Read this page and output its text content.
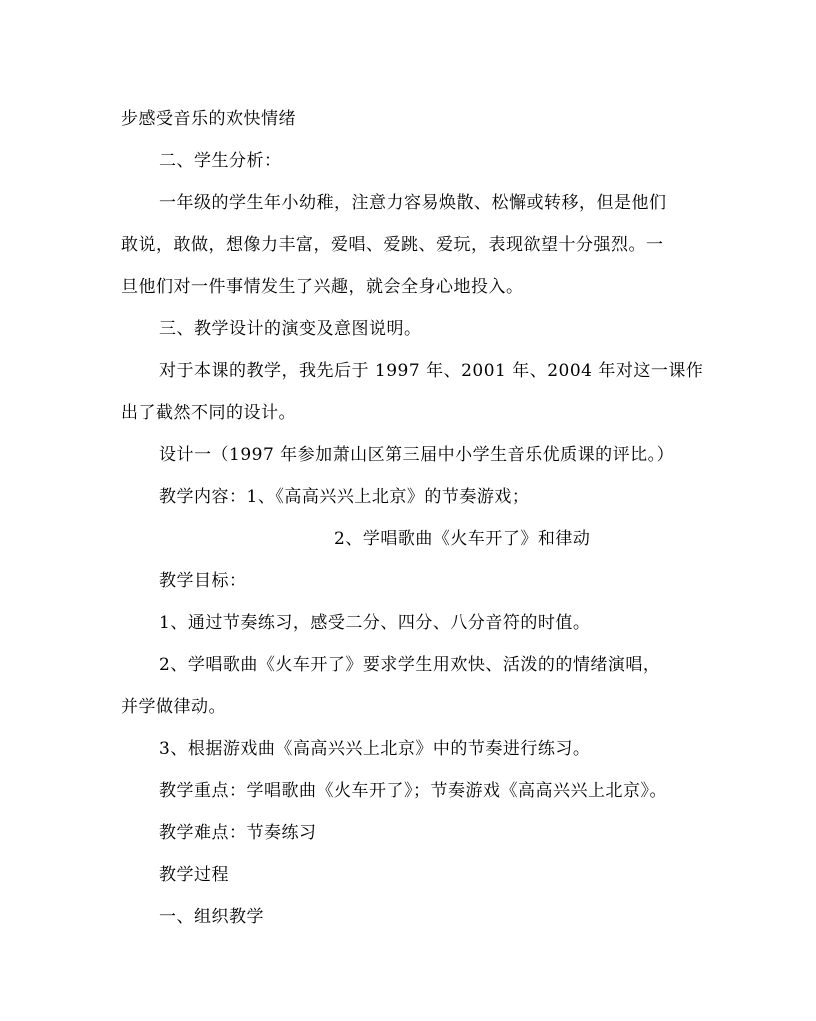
步感受音乐的欢快情绪
二、学生分析：
一年级的学生年小幼稚，注意力容易焕散、松懈或转移，但是他们
敢说，敢做，想像力丰富，爱唱、爱跳、爱玩，表现欲望十分强烈。一
旦他们对一件事情发生了兴趣，就会全身心地投入。
三、教学设计的演变及意图说明。
对于本课的教学，我先后于 1997 年、2001 年、2004 年对这一课作
出了截然不同的设计。
设计一（1997 年参加萧山区第三届中小学生音乐优质课的评比。）
教学内容：1、《高高兴兴上北京》的节奏游戏；
2、学唱歌曲《火车开了》和律动
教学目标：
1、通过节奏练习，感受二分、四分、八分音符的时值。
2、学唱歌曲《火车开了》要求学生用欢快、活泼的的情绪演唱，
并学做律动。
3、根据游戏曲《高高兴兴上北京》中的节奏进行练习。
教学重点：学唱歌曲《火车开了》；节奏游戏《高高兴兴上北京》。
教学难点：节奏练习
教学过程
一、组织教学
